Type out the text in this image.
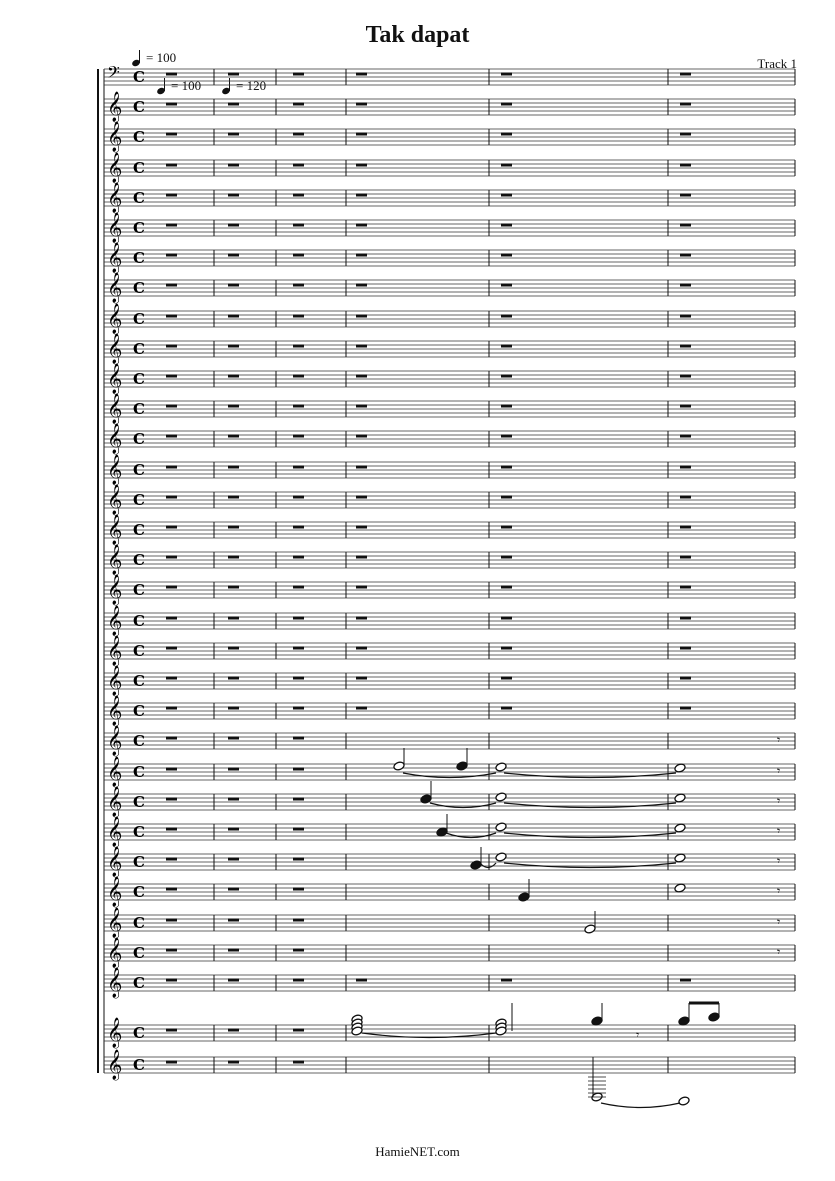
Tak dapat
Track 1
= 100
= 100	= 120
𝄢 C
𝄞 C
𝄞 C
𝄞 C
𝄞 C
𝄞 C
𝄞 C
𝄞 C
𝄞 C
𝄞 C
𝄞 C
𝄞 C
𝄞 C
𝄞 C
𝄞 C
𝄞 C
𝄞 C
𝄞 C
𝄞 C
𝄞 C
𝄞 C
𝄞 C
𝄞 C
𝄞 C
𝄞 C
𝄞 C
𝄞 C
𝄞 C
𝄞 C
𝄞 C
𝄞 C
𝄞 C
𝄞 C
𝄾
𝄾
𝄾
𝄾
𝄾
𝄾
𝄾
𝄾
𝄾
HamieNET.com
